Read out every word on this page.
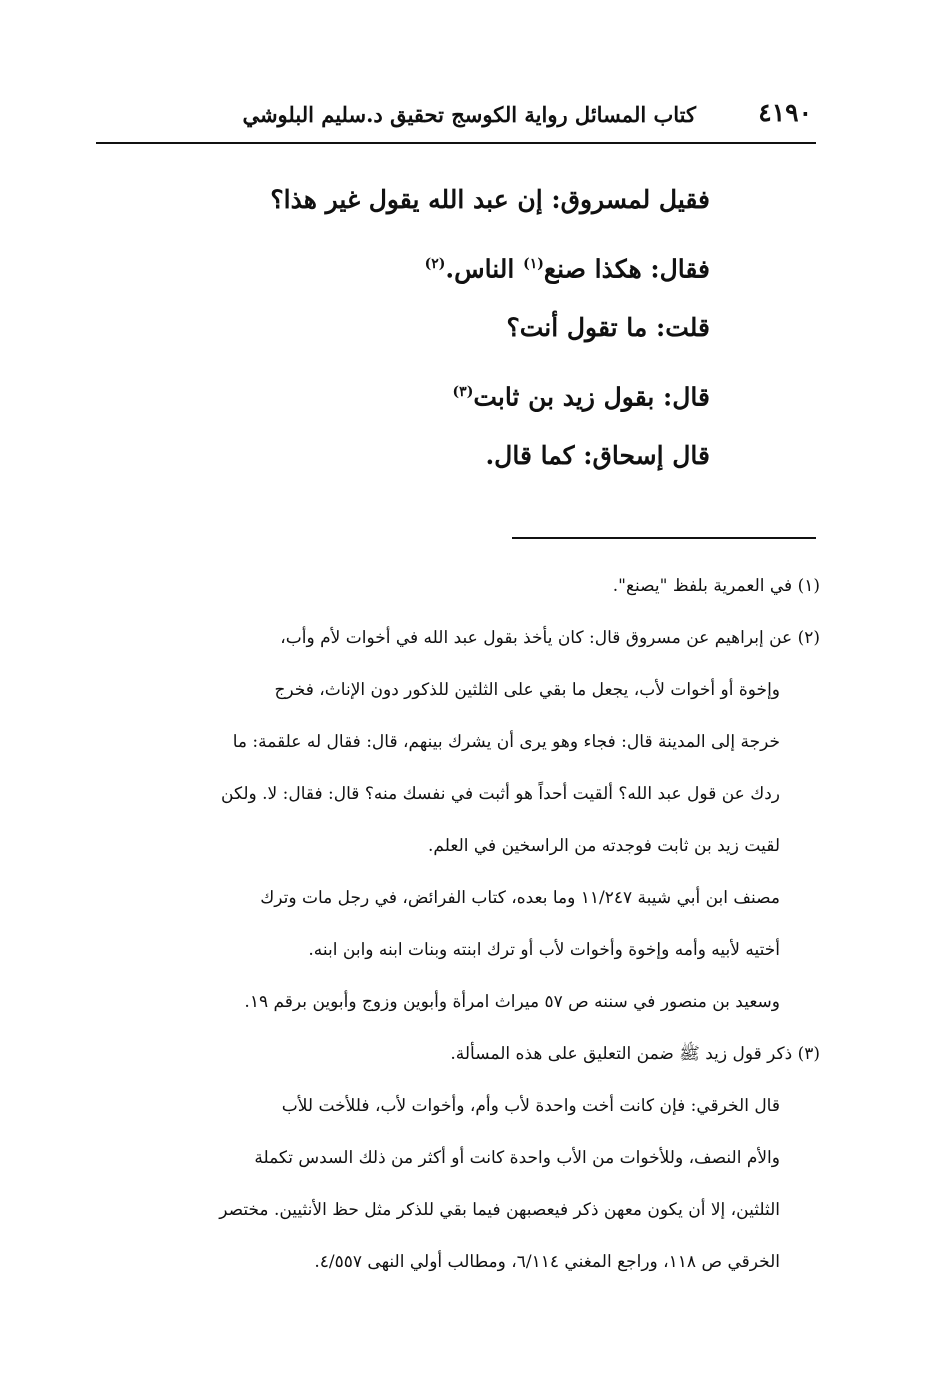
٤١٩٠
كتاب المسائل رواية الكوسج تحقيق د.سليم البلوشي
فقيل لمسروق: إن عبد الله يقول غير هذا؟
فقال: هكذا صنع$^{(١)}$ الناس.$^{(٢)}$
قلت: ما تقول أنت؟
قال: بقول زيد بن ثابت$^{(٣)}$
قال إسحاق: كما قال.
(١) في العمرية بلفظ "يصنع".
(٢) عن إبراهيم عن مسروق قال: كان يأخذ بقول عبد الله في أخوات لأم وأب،
وإخوة أو أخوات لأب، يجعل ما بقي على الثلثين للذكور دون الإناث، فخرج
خرجة إلى المدينة قال: فجاء وهو يرى أن يشرك بينهم، قال: فقال له علقمة: ما
ردك عن قول عبد الله؟ ألقيت أحداً هو أثبت في نفسك منه؟ قال: فقال: لا. ولكن
لقيت زيد بن ثابت فوجدته من الراسخين في العلم.
مصنف ابن أبي شيبة ١١/٢٤٧ وما بعده، كتاب الفرائض، في رجل مات وترك
أختيه لأبيه وأمه وإخوة وأخوات لأب أو ترك ابنته وبنات ابنه وابن ابنه.
وسعيد بن منصور في سننه ص ٥٧ ميراث امرأة وأبوين وزوج وأبوين برقم ١٩.
(٣) ذكر قول زيد ﷺ ضمن التعليق على هذه المسألة.
قال الخرقي: فإن كانت أخت واحدة لأب وأم، وأخوات لأب، فللأخت للأب
والأم النصف، وللأخوات من الأب واحدة كانت أو أكثر من ذلك السدس تكملة
الثلثين، إلا أن يكون معهن ذكر فيعصبهن فيما بقي للذكر مثل حظ الأنثيين. مختصر
الخرقي ص ١١٨، وراجع المغني ٦/١١٤، ومطالب أولي النهى ٤/٥٥٧.
